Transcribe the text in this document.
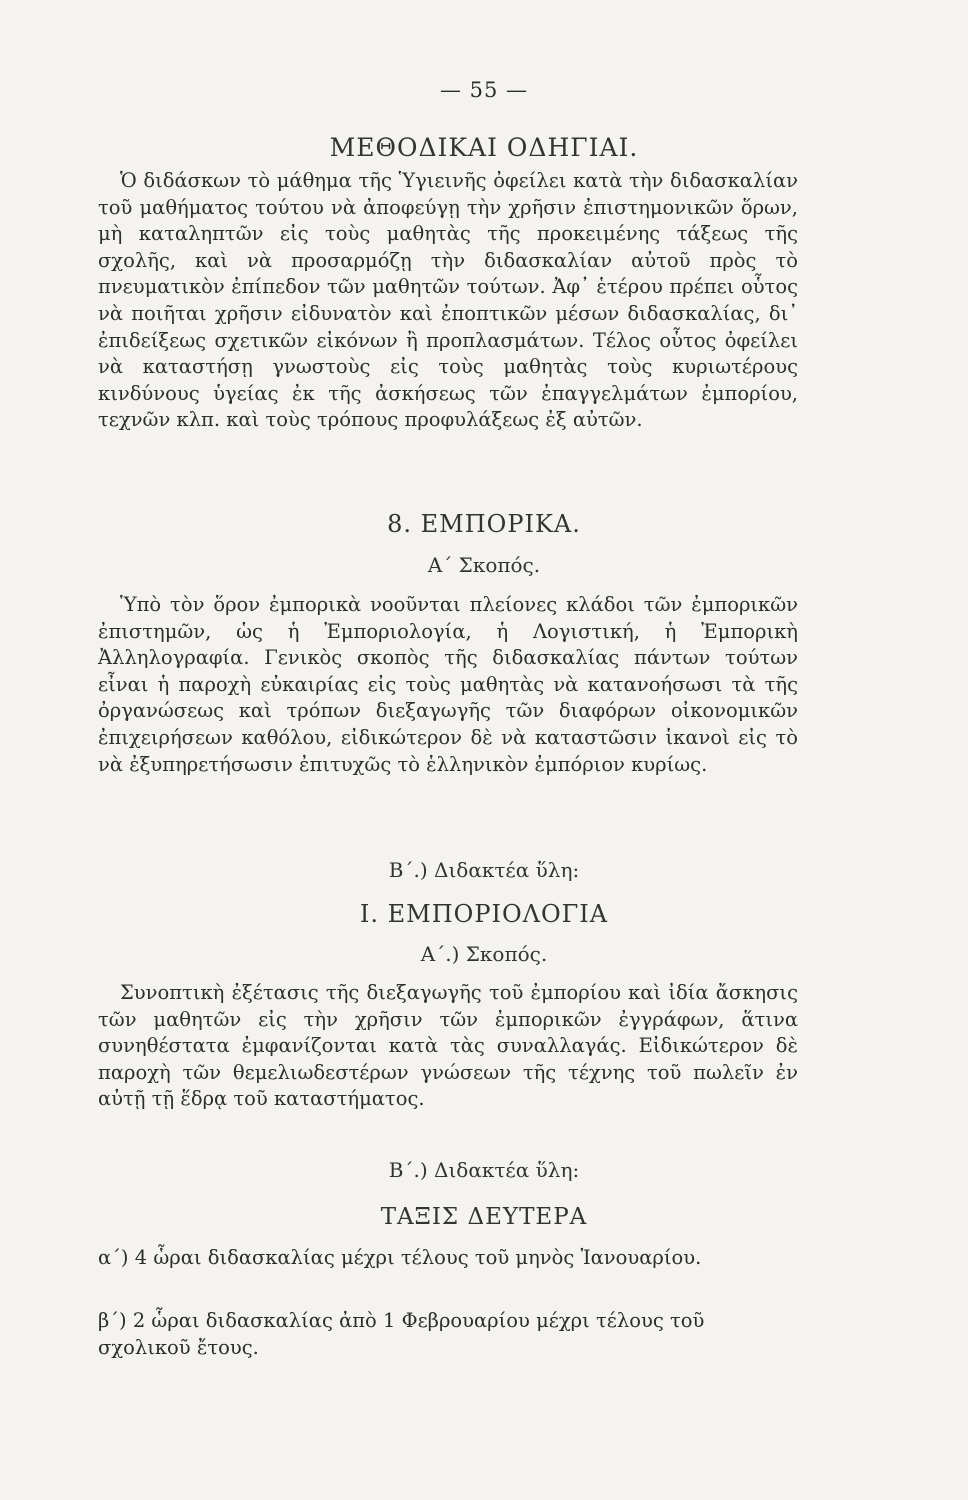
— 55 —
ΜΕΘΟΔΙΚΑΙ ΟΔΗΓΙΑΙ.

Ὁ διδάσκων τὸ μάθημα τῆς Ὑγιεινῆς ὀφείλει κατὰ τὴν διδασκαλίαν τοῦ μαθήματος τούτου νὰ ἀποφεύγῃ τὴν χρῆσιν ἐπιστημονικῶν ὅρων, μὴ καταληπτῶν εἰς τοὺς μαθητὰς τῆς προκειμένης τάξεως τῆς σχολῆς, καὶ νὰ προσαρμόζῃ τὴν διδασκαλίαν αὐτοῦ πρὸς τὸ πνευματικὸν ἐπίπεδον τῶν μαθητῶν τούτων. Ἀφ᾽ ἑτέρου πρέπει οὗτος νὰ ποιῆται χρῆσιν εἰδυνατὸν καὶ ἐποπτικῶν μέσων διδασκαλίας, δι᾽ ἐπιδείξεως σχετικῶν εἰκόνων ἢ προπλασμάτων. Τέλος οὗτος ὀφείλει νὰ καταστήσῃ γνωστοὺς εἰς τοὺς μαθητὰς τοὺς κυριωτέρους κινδύνους ὑγείας ἐκ τῆς ἀσκήσεως τῶν ἐπαγγελμάτων ἐμπορίου, τεχνῶν κλπ. καὶ τοὺς τρόπους προφυλάξεως ἐξ αὐτῶν.

8. ΕΜΠΟΡΙΚΑ.
Α΄ Σκοπός.

Ὑπὸ τὸν ὅρον ἐμπορικὰ νοοῦνται πλείονες κλάδοι τῶν ἐμπορικῶν ἐπιστημῶν, ὡς ἡ Ἐμποριολογία, ἡ Λογιστική, ἡ Ἐμπορικὴ Ἀλληλογραφία. Γενικὸς σκοπὸς τῆς διδασκαλίας πάντων τούτων εἶναι ἡ παροχὴ εὐκαιρίας εἰς τοὺς μαθητὰς νὰ κατανοήσωσι τὰ τῆς ὀργανώσεως καὶ τρόπων διεξαγωγῆς τῶν διαφόρων οἰκονομικῶν ἐπιχειρήσεων καθόλου, εἰδικώτερον δὲ νὰ καταστῶσιν ἱκανοὶ εἰς τὸ νὰ ἐξυπηρετήσωσιν ἐπιτυχῶς τὸ ἑλληνικὸν ἐμπόριον κυρίως.

Β΄.) Διδακτέα ὕλη:
Ι. ΕΜΠΟΡΙΟΛΟΓΙΑ
Α΄.) Σκοπός.

Συνοπτικὴ ἐξέτασις τῆς διεξαγωγῆς τοῦ ἐμπορίου καὶ ἰδία ἄσκησις τῶν μαθητῶν εἰς τὴν χρῆσιν τῶν ἐμπορικῶν ἐγγράφων, ἅτινα συνηθέστατα ἐμφανίζονται κατὰ τὰς συναλλαγάς. Εἰδικώτερον δὲ παροχὴ τῶν θεμελιωδεστέρων γνώσεων τῆς τέχνης τοῦ πωλεῖν ἐν αὐτῇ τῇ ἕδρᾳ τοῦ καταστήματος.

Β΄.) Διδακτέα ὕλη:
ΤΑΞΙΣ ΔΕΥΤΕΡΑ
α΄) 4 ὧραι διδασκαλίας μέχρι τέλους τοῦ μηνὸς Ἰανουαρίου.
β΄) 2 ὧραι διδασκαλίας ἀπὸ 1 Φεβρουαρίου μέχρι τέλους τοῦ σχολικοῦ ἔτους.
